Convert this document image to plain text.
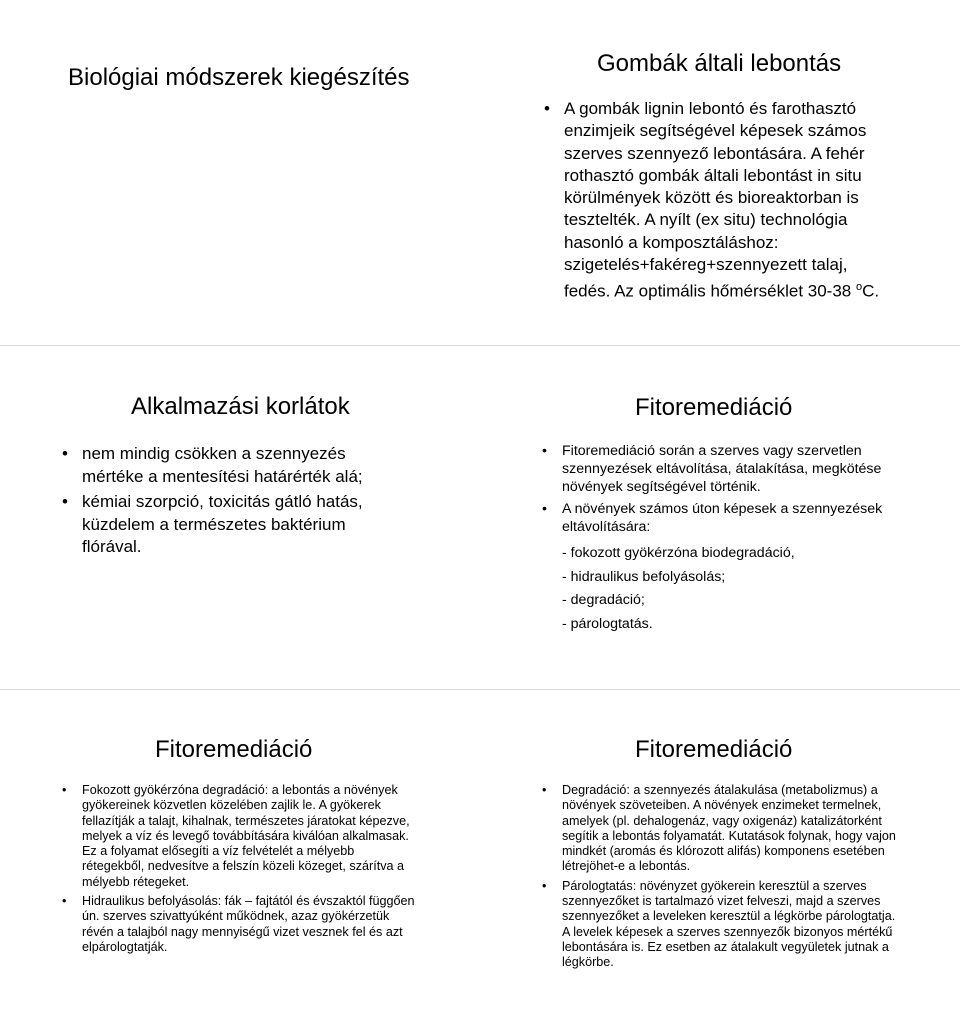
Biológiai módszerek kiegészítés
Gombák általi lebontás
• A gombák lignin lebontó és farothasztó enzimjeik segítségével képesek számos szerves szennyező lebontására. A fehér rothasztó gombák általi lebontást in situ körülmények között és bioreaktorban is tesztelték. A nyílt (ex situ) technológia hasonló a komposztáláshoz: szigetelés+fakéreg+szennyezett talaj, fedés. Az optimális hőmérséklet 30-38 $^o$C.
Alkalmazási korlátok
• nem mindig csökken a szennyezés mértéke a mentesítési határérték alá;
• kémiai szorpció, toxicitás gátló hatás, küzdelem a természetes baktérium flórával.
Fitoremediáció
• Fitoremediáció során a szerves vagy szervetlen szennyezések eltávolítása, átalakítása, megkötése növények segítségével történik.
• A növények számos úton képesek a szennyezések eltávolítására:
- fokozott gyökérzóna biodegradáció,
- hidraulikus befolyásolás;
- degradáció;
- párologtatás.
Fitoremediáció
• Fokozott gyökérzóna degradáció: a lebontás a növények gyökereinek közvetlen közelében zajlik le. A gyökerek fellazítják a talajt, kihalnak, természetes járatokat képezve, melyek a víz és levegő továbbítására kiválóan alkalmasak. Ez a folyamat elősegíti a víz felvételét a mélyebb rétegekből, nedvesítve a felszín közeli közeget, szárítva a mélyebb rétegeket.
• Hidraulikus befolyásolás: fák – fajtától és évszaktól függően ún. szerves szivattyúként működnek, azaz gyökérzetük révén a talajból nagy mennyiségű vizet vesznek fel és azt elpárologtatják.
Fitoremediáció
• Degradáció: a szennyezés átalakulása (metabolizmus) a növények szöveteiben. A növények enzimeket termelnek, amelyek (pl. dehalogenáz, vagy oxigenáz) katalizátorként segítik a lebontás folyamatát. Kutatások folynak, hogy vajon mindkét (aromás és klórozott alifás) komponens esetében létrejöhet-e a lebontás.
• Párologtatás: növényzet gyökerein keresztül a szerves szennyezőket is tartalmazó vizet felveszi, majd a szerves szennyezőket a leveleken keresztül a légkörbe párologtatja. A levelek képesek a szerves szennyezők bizonyos mértékű lebontására is. Ez esetben az átalakult vegyületek jutnak a légkörbe.
